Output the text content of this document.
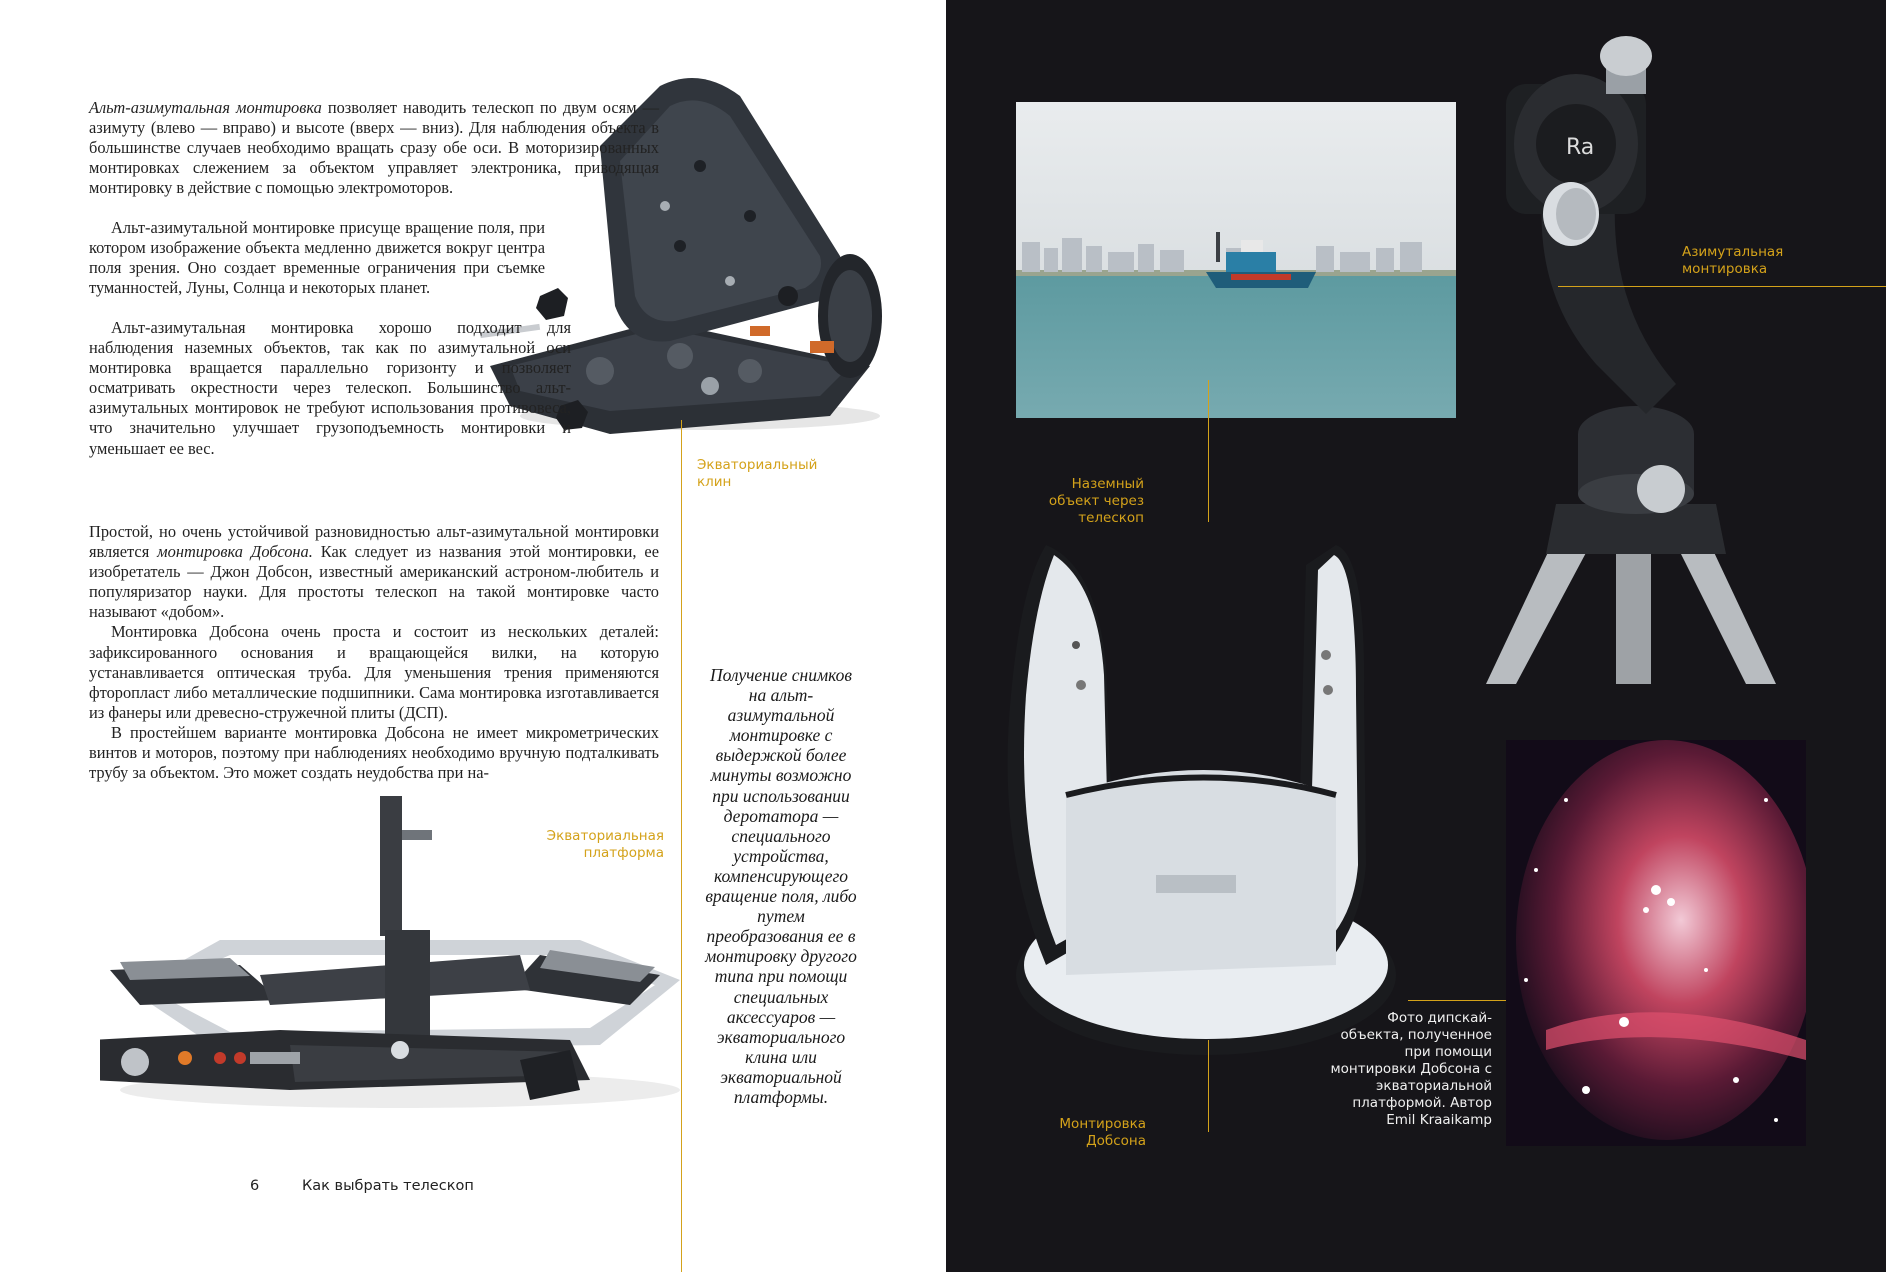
Альт-азимутальная монтировка позволяет наводить телескоп по двум осям — азимуту (влево — вправо) и высоте (вверх — вниз). Для наблюдения объекта в большинстве случаев необходимо вращать сразу обе оси. В моторизированных монтировках слежением за объектом управляет электроника, приводящая монтировку в действие с помощью электромоторов.

Альт-азимутальной монтировке присуще вращение поля, при котором изображение объекта медленно движется вокруг центра поля зрения. Оно создает временные ограничения при съемке туманностей, Луны, Солнца и некоторых планет.

Альт-азимутальная монтировка хорошо подходит для наблюдения наземных объектов, так как по азимутальной оси монтировка вращается параллельно горизонту и позволяет осматривать окрестности через телескоп. Большинство альт-азимутальных монтировок не требуют использования противовеса, что значительно улучшает грузоподъемность монтировки и уменьшает ее вес.

Экваториальный клин

Простой, но очень устойчивой разновидностью альт-азимутальной монтировки является монтировка Добсона. Как следует из названия этой монтировки, ее изобретатель — Джон Добсон, известный американский астроном-любитель и популяризатор науки. Для простоты телескоп на такой монтировке часто называют «добом».

Монтировка Добсона очень проста и состоит из нескольких деталей: зафиксированного основания и вращающейся вилки, на которую устанавливается оптическая труба. Для уменьшения трения применяются фторопласт либо металлические подшипники. Сама монтировка изготавливается из фанеры или древесно-стружечной плиты (ДСП).

В простейшем варианте монтировка Добсона не имеет микрометрических винтов и моторов, поэтому при наблюдениях необходимо вручную подталкивать трубу за объектом. Это может создать неудобства при на-

Получение снимков на альт-азимутальной монтировке с выдержкой более минуты возможно при использовании деротатора — специального устройства, компенсирующего вращение поля, либо путем преобразования ее в монтировку другого типа при помощи специальных аксессуаров — экваториального клина или экваториальной платформы.
Экваториальная платформа
6	Как выбрать телескоп
Наземный объект через телескоп
Ra
Азимутальная монтировка
Монтировка Добсона
Фото дипскай-объекта, полученное при помощи монтировки Добсона с экваториальной платформой. Автор Emil Kraaikamp
